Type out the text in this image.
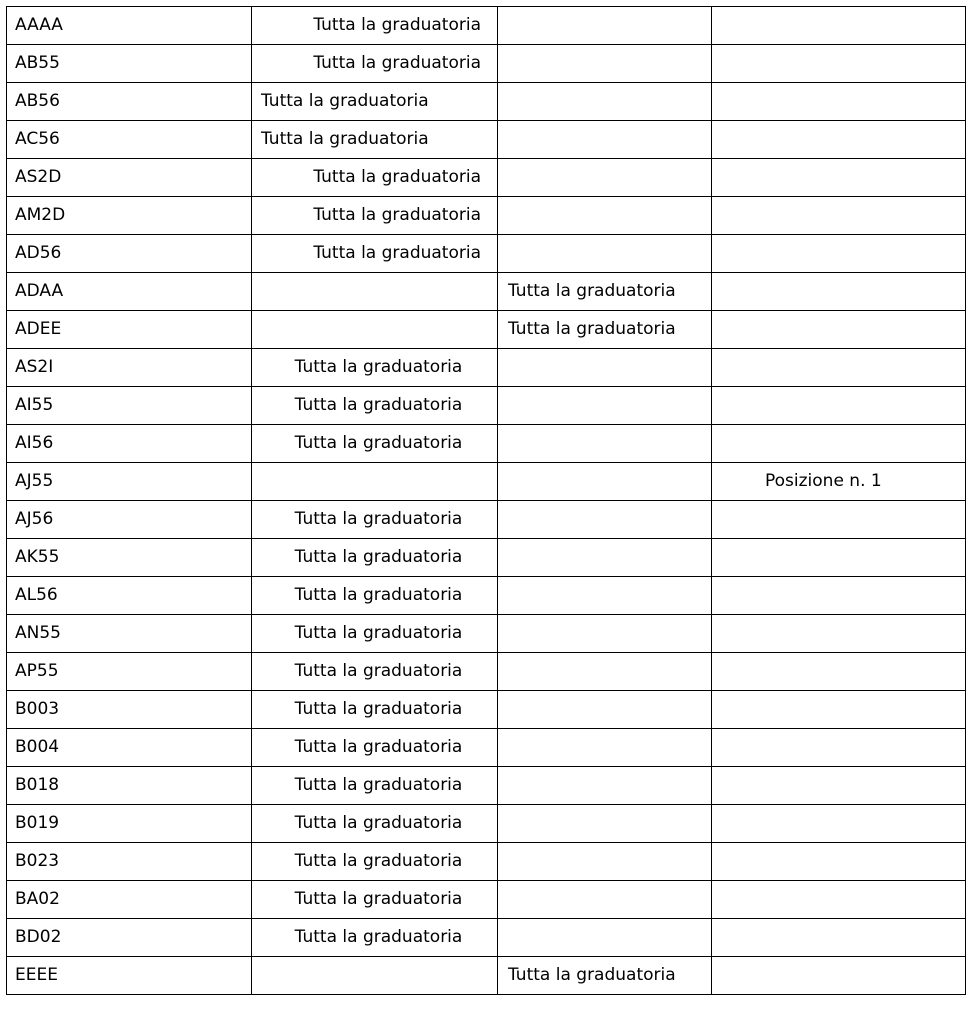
AAAA	Tutta la graduatoria		

AB55	Tutta la graduatoria		

AB56	Tutta la graduatoria		

AC56	Tutta la graduatoria		

AS2D	Tutta la graduatoria		

AM2D	Tutta la graduatoria		

AD56	Tutta la graduatoria		

ADAA		Tutta la graduatoria	

ADEE		Tutta la graduatoria	

AS2I	Tutta la graduatoria		

AI55	Tutta la graduatoria		

AI56	Tutta la graduatoria		

AJ55			Posizione n. 1

AJ56	Tutta la graduatoria		

AK55	Tutta la graduatoria		

AL56	Tutta la graduatoria		

AN55	Tutta la graduatoria		

AP55	Tutta la graduatoria		

B003	Tutta la graduatoria		

B004	Tutta la graduatoria		

B018	Tutta la graduatoria		

B019	Tutta la graduatoria		

B023	Tutta la graduatoria		

BA02	Tutta la graduatoria		

BD02	Tutta la graduatoria		

EEEE		Tutta la graduatoria	
